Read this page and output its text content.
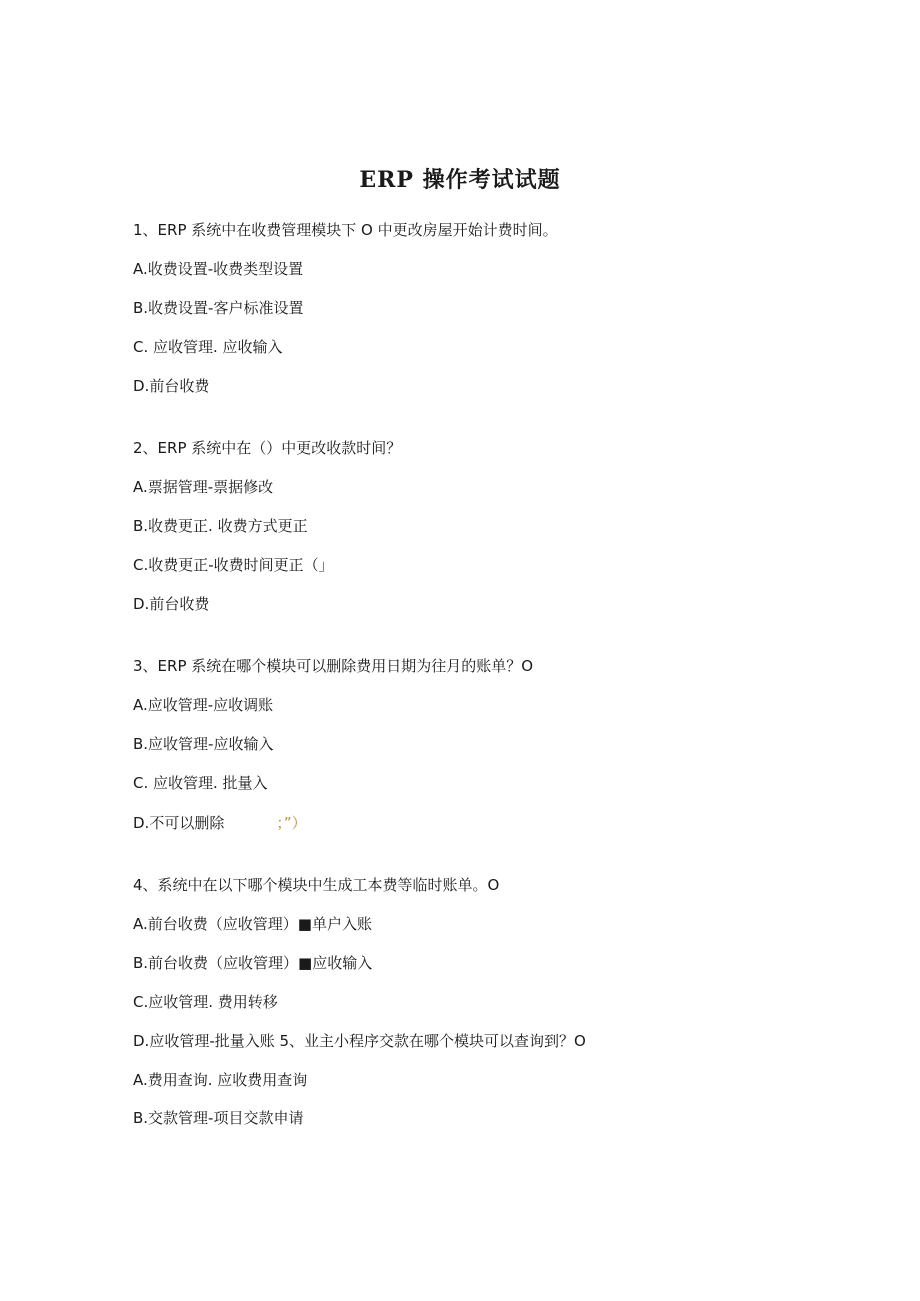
ERP 操作考试试题

1、ERP 系统中在收费管理模块下 O 中更改房屋开始计费时间。

A.收费设置-收费类型设置

B.收费设置-客户标准设置

C. 应收管理. 应收输入

D.前台收费

2、ERP 系统中在（）中更改收款时间？

A.票据管理-票据修改

B.收费更正. 收费方式更正

C.收费更正-收费时间更正（」

D.前台收费

3、ERP 系统在哪个模块可以删除费用日期为往月的账单？O

A.应收管理-应收调账

B.应收管理-应收输入

C. 应收管理. 批量入

D.不可以删除	；”）

4、系统中在以下哪个模块中生成工本费等临时账单。O

A.前台收费（应收管理）■单户入账

B.前台收费（应收管理）■应收输入

C.应收管理. 费用转移

D.应收管理-批量入账 5、业主小程序交款在哪个模块可以查询到？O

A.费用查询. 应收费用查询

B.交款管理-项目交款申请
